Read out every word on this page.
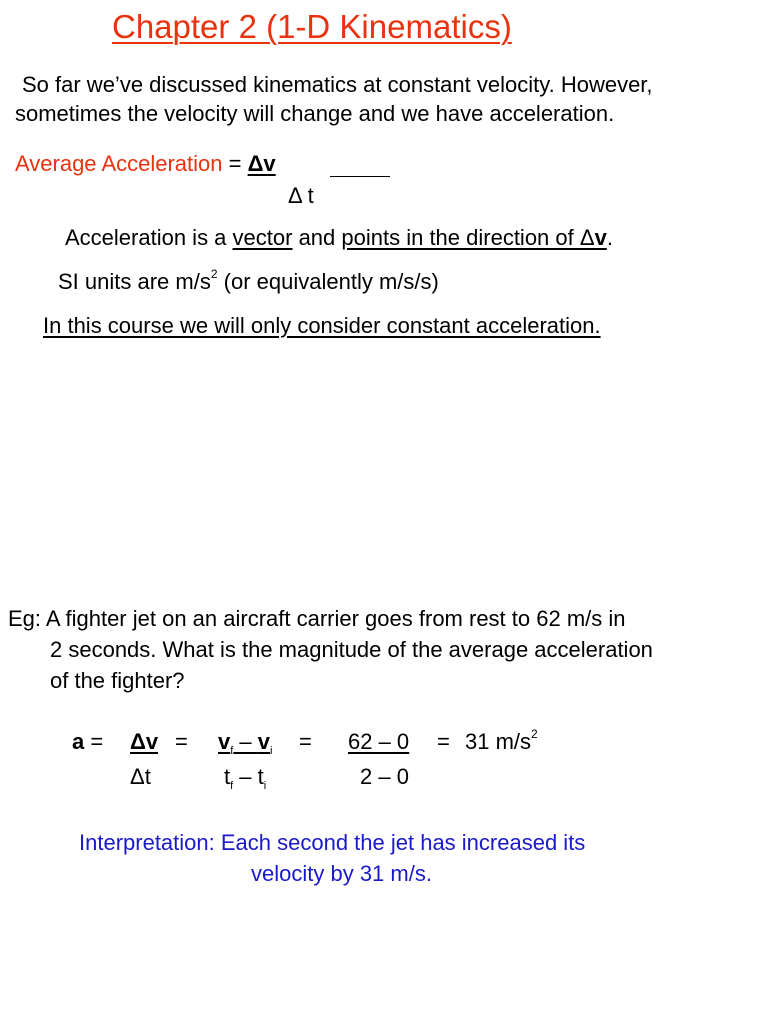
Chapter 2 (1-D Kinematics)
So far we’ve discussed kinematics at constant velocity. However,
sometimes the velocity will change and we have acceleration.
Average Acceleration = Δv
Δ t
Acceleration is a vector and points in the direction of Δv.
SI units are $m/s^2$ (or equivalently m/s/s)
In this course we will only consider constant acceleration.
Eg: A fighter jet on an aircraft carrier goes from rest to 62 m/s in
2 seconds. What is the magnitude of the average acceleration
of the fighter?
$a = \Delta v = v_f - v_i = 62 - 0 = 31$ $m/s^2$
Δt	$t_f - t_i$	2 – 0
Interpretation: Each second the jet has increased its
velocity by 31 m/s.
